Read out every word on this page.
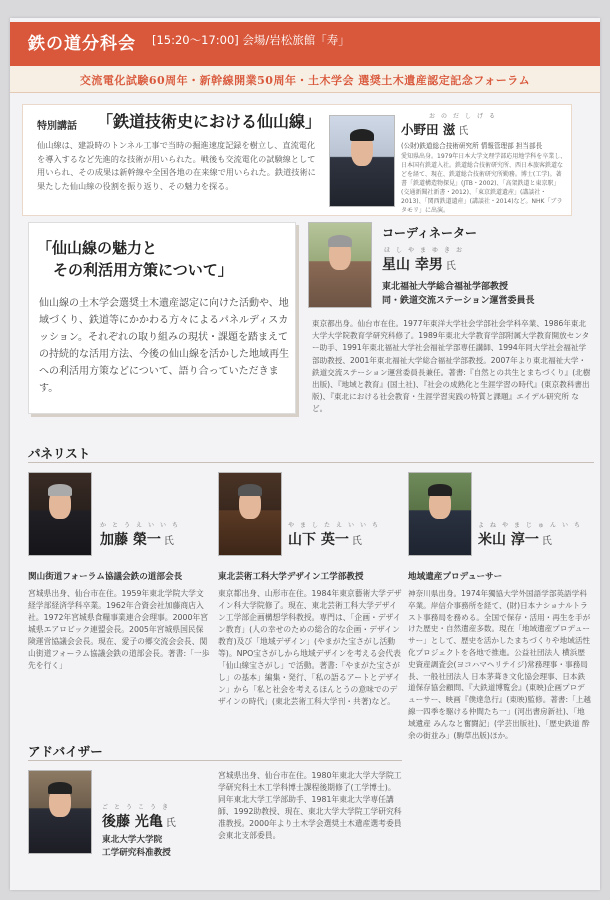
鉄の道分科会 [15:20〜17:00] 会場/岩松旅館「寿」
交流電化試験60周年・新幹線開業50周年・土木学会 選奨土木遺産認定記念フォーラム
特別講話 「鉄道技術史における仙山線」
仙山線は、建設時のトンネル工事で当時の掘進速度記録を樹立し、直流電化を導入するなど先進的な技術が用いられた。戦後も交流電化の試験線として用いられ、その成果は新幹線や全国各地の在来線で用いられた。鉄道技術に果たした仙山線の役割を振り返り、その魅力を探る。
おのだしげる
小野田 滋 氏
(公財)鉄道総合技術研究所 情報管理部 担当部長
愛知県出身。1979年日本大学文理学部応用地学科を卒業し、日本国有鉄道入社。鉄道総合技術研究所、西日本旅客鉄道などを経て、現在、鉄道総合技術研究所勤務。博士(工学)。著書「鉄道構造物探見」(JTB・2002)、「高架鉄道と東京駅」(交通新聞社新書・2012)、「東京鉄道遺産」(講談社・2013)、「関西鉄道遺産」(講談社・2014)など。NHK「ブラタモリ」に出演。
「仙山線の魅力と
その利活用方策について」
仙山線の土木学会選奨土木遺産認定に向けた活動や、地域づくり、鉄道等にかかわる方々によるパネルディスカッション。それぞれの取り組みの現状・課題を踏まえての持続的な活用方法、今後の仙山線を活かした地域再生への利活用方策などについて、語り合っていただきます。
コーディネーター
ほしやまゆきお
星山 幸男 氏
東北福祉大学総合福祉学部教授
同・鉄道交流ステーション運営委員長
東京都出身。仙台市在住。1977年東洋大学社会学部社会学科卒業、1986年東北大学大学院教育学研究科修了。1989年東北大学教育学部附属大学教育開放センター助手、1991年東北福祉大学社会福祉学部専任講師、1994年同大学社会福祉学部助教授、2001年東北福祉大学総合福祉学部教授。2007年より東北福祉大学・鉄道交流ステーション運営委員長兼任。著書:『自然との共生とまちづくり』(北樹出版)、『地域と教育』(国土社)、『社会の成熟化と生涯学習の時代』(東京教科書出版)、『東北における社会教育・生涯学習実践の特質と課題』エイデル研究所 など。
パネリスト
かとうえいいち
加藤 榮一 氏
関山街道フォーラム協議会鉄の道部会長
宮城県出身、仙台市在住。1959年東北学院大学文経学部経済学科卒業。1962年合資会社加藤商店入社。1972年宮城県食糧事業連合会理事。2000年宮城県エアロビック連盟会長。2005年宮城県国民保険運営協議会会長。現在、愛子の郷交流会会長、関山街道フォーラム協議会鉄の道部会長。著書:「一歩先を行く」
やましたえいいち
山下 英一 氏
東北芸術工科大学デザイン工学部教授
東京都出身、山形市在住。1984年東京藝術大学デザイン科大学院修了。現在、東北芸術工科大学デザイン工学部企画構想学科教授。専門は、「企画・デザイン教育」(人の幸せのための総合的な企画・デザイン教育)及び「地域デザイン」(やまがた宝さがし活動等)。NPO宝さがしから地域デザインを考える会代表「仙山線宝さがし」で活動。著書:「やまがた宝さがし」の基本」編集・発行、「私の語るアートとデザイン」から「私と社会を考えるほんとうの意味でのデザインの時代」(東北芸術工科大学刊・共著)など。
よねやまじゅんいち
米山 淳一 氏
地域遺産プロデューサー
神奈川県出身。1974年獨協大学外国語学部英語学科卒業。岸信介事務所を経て、(財)日本ナショナルトラスト事務局を務める。全国で保存・活用・再生を手がけた歴史・自然遺産多数。現在「地域遺産プロデューサー」として、歴史を活かしたまちづくりや地域活性化プロジェクトを各地で推進。公益社団法人 横浜歴史資産調査会(ヨコハマヘリテイジ)常務理事・事務局長、一般社団法人 日本茅葺き文化協会理事、日本鉄道保存協会顧問、『大鉄道博覧会』(東映)企画プロデューサー、映画『僕達急行』(東映)監修。著書:「上越線一四季を駆ける仲間たち一」(河出書房新社)、「地域遺産 みんなと奮闘記」(学芸出版社)、「歴史鉄道 酔余の街並み」(駒草出版)ほか。
アドバイザー
ごとうこうき
後藤 光亀 氏
東北大学大学院
工学研究科准教授
宮城県出身、仙台市在住。1980年東北大学大学院工学研究科土木工学科博士課程後期修了(工学博士)。同年東北大学工学部助手、1981年東北大学専任講師、1992助教授、現在、東北大学大学院工学研究科准教授。2000年より土木学会選奨土木遺産選考委員会東北支部委員。
